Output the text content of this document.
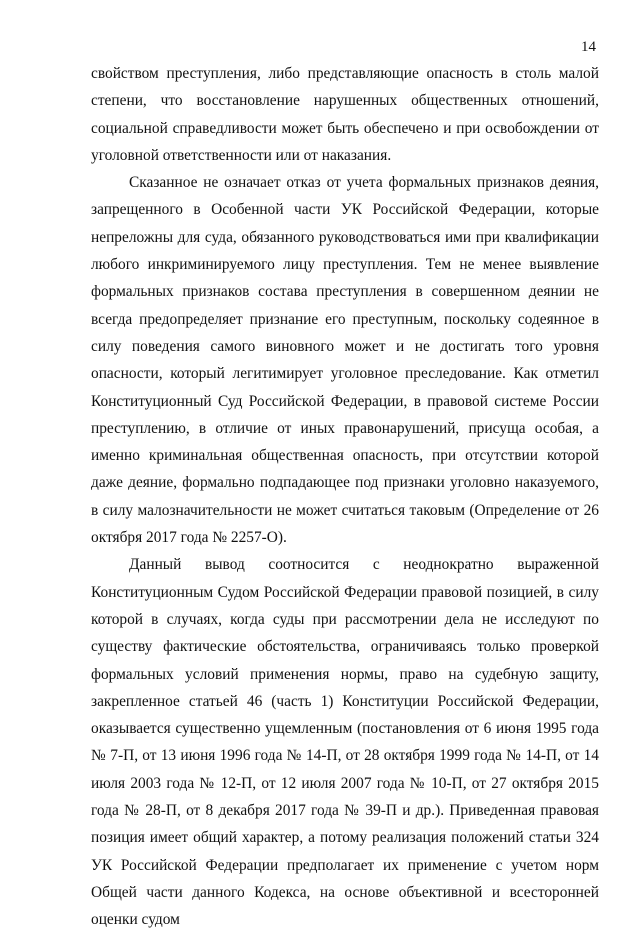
14

свойством преступления, либо представляющие опасность в столь малой степени, что восстановление нарушенных общественных отношений, социальной справедливости может быть обеспечено и при освобождении от уголовной ответственности или от наказания.

Сказанное не означает отказ от учета формальных признаков деяния, запрещенного в Особенной части УК Российской Федерации, которые непреложны для суда, обязанного руководствоваться ими при квалификации любого инкриминируемого лицу преступления. Тем не менее выявление формальных признаков состава преступления в совершенном деянии не всегда предопределяет признание его преступным, поскольку содеянное в силу поведения самого виновного может и не достигать того уровня опасности, который легитимирует уголовное преследование. Как отметил Конституционный Суд Российской Федерации, в правовой системе России преступлению, в отличие от иных правонарушений, присуща особая, а именно криминальная общественная опасность, при отсутствии которой даже деяние, формально подпадающее под признаки уголовно наказуемого, в силу малозначительности не может считаться таковым (Определение от 26 октября 2017 года № 2257-О).

Данный вывод соотносится с неоднократно выраженной Конституционным Судом Российской Федерации правовой позицией, в силу которой в случаях, когда суды при рассмотрении дела не исследуют по существу фактические обстоятельства, ограничиваясь только проверкой формальных условий применения нормы, право на судебную защиту, закрепленное статьей 46 (часть 1) Конституции Российской Федерации, оказывается существенно ущемленным (постановления от 6 июня 1995 года № 7-П, от 13 июня 1996 года № 14-П, от 28 октября 1999 года № 14-П, от 14 июля 2003 года № 12-П, от 12 июля 2007 года № 10-П, от 27 октября 2015 года № 28-П, от 8 декабря 2017 года № 39-П и др.). Приведенная правовая позиция имеет общий характер, а потому реализация положений статьи 324 УК Российской Федерации предполагает их применение с учетом норм Общей части данного Кодекса, на основе объективной и всесторонней оценки судом
